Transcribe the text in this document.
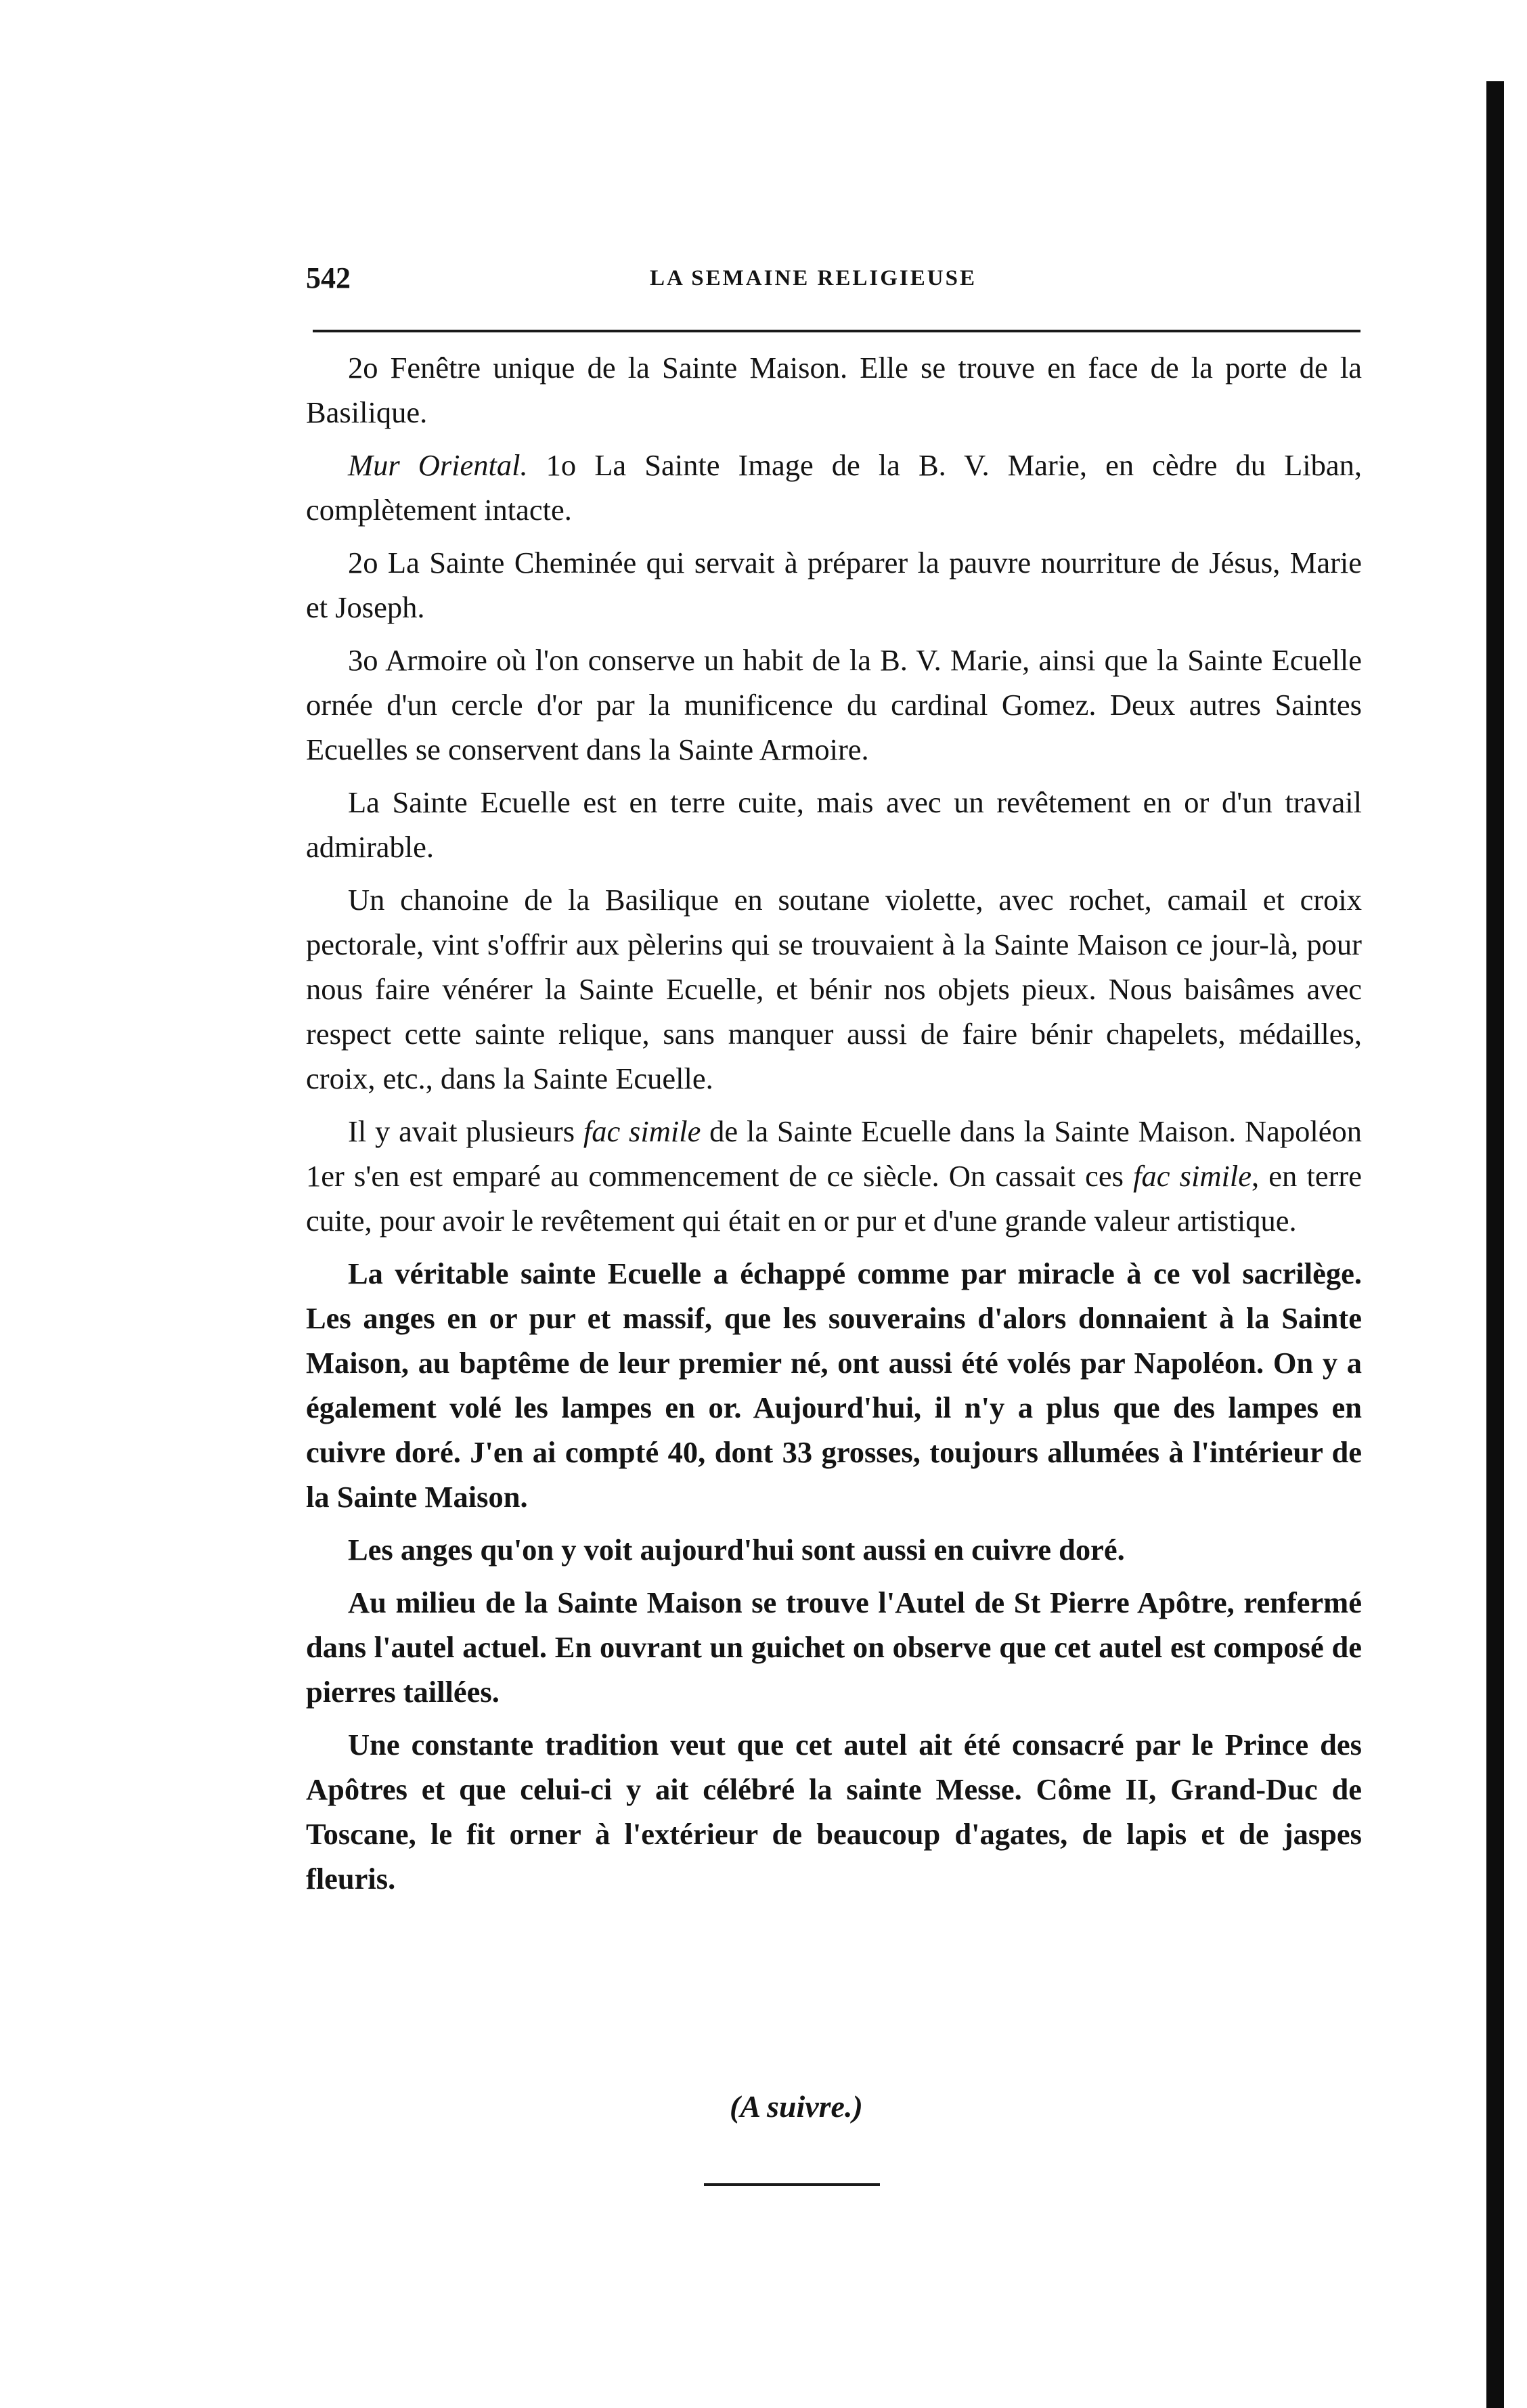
542	LA SEMAINE RELIGIEUSE

2o Fenêtre unique de la Sainte Maison. Elle se trouve en face de la porte de la Basilique.

Mur Oriental. 1o La Sainte Image de la B. V. Marie, en cèdre du Liban, complètement intacte.

2o La Sainte Cheminée qui servait à préparer la pauvre nourriture de Jésus, Marie et Joseph.

3o Armoire où l'on conserve un habit de la B. V. Marie, ainsi que la Sainte Ecuelle ornée d'un cercle d'or par la munificence du cardinal Gomez. Deux autres Saintes Ecuelles se conservent dans la Sainte Armoire.

La Sainte Ecuelle est en terre cuite, mais avec un revêtement en or d'un travail admirable.

Un chanoine de la Basilique en soutane violette, avec rochet, camail et croix pectorale, vint s'offrir aux pèlerins qui se trouvaient à la Sainte Maison ce jour-là, pour nous faire vénérer la Sainte Ecuelle, et bénir nos objets pieux. Nous baisâmes avec respect cette sainte relique, sans manquer aussi de faire bénir chapelets, médailles, croix, etc., dans la Sainte Ecuelle.

Il y avait plusieurs fac simile de la Sainte Ecuelle dans la Sainte Maison. Napoléon 1er s'en est emparé au commencement de ce siècle. On cassait ces fac simile, en terre cuite, pour avoir le revêtement qui était en or pur et d'une grande valeur artistique.

La véritable sainte Ecuelle a échappé comme par miracle à ce vol sacrilège. Les anges en or pur et massif, que les souverains d'alors donnaient à la Sainte Maison, au baptême de leur premier né, ont aussi été volés par Napoléon. On y a également volé les lampes en or. Aujourd'hui, il n'y a plus que des lampes en cuivre doré. J'en ai compté 40, dont 33 grosses, toujours allumées à l'intérieur de la Sainte Maison.

Les anges qu'on y voit aujourd'hui sont aussi en cuivre doré.

Au milieu de la Sainte Maison se trouve l'Autel de St Pierre Apôtre, renfermé dans l'autel actuel. En ouvrant un guichet on observe que cet autel est composé de pierres taillées.

Une constante tradition veut que cet autel ait été consacré par le Prince des Apôtres et que celui-ci y ait célébré la sainte Messe. Côme II, Grand-Duc de Toscane, le fit orner à l'extérieur de beaucoup d'agates, de lapis et de jaspes fleuris.

(A suivre.)
